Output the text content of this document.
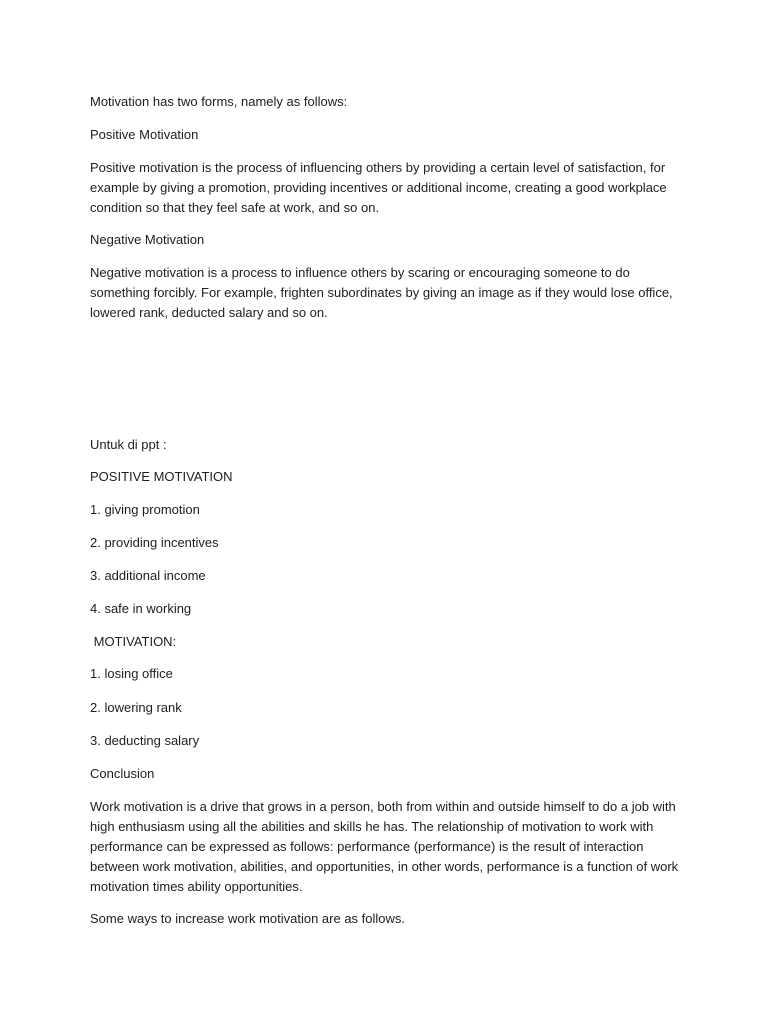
Motivation has two forms, namely as follows:

Positive Motivation

Positive motivation is the process of influencing others by providing a certain level of satisfaction, for
example by giving a promotion, providing incentives or additional income, creating a good workplace
condition so that they feel safe at work, and so on.

Negative Motivation

Negative motivation is a process to influence others by scaring or encouraging someone to do
something forcibly. For example, frighten subordinates by giving an image as if they would lose office,
lowered rank, deducted salary and so on.

Untuk di ppt :

POSITIVE MOTIVATION

1. giving promotion

2. providing incentives

3. additional income

4. safe in working

MOTIVATION:

1. losing office

2. lowering rank

3. deducting salary

Conclusion

Work motivation is a drive that grows in a person, both from within and outside himself to do a job with
high enthusiasm using all the abilities and skills he has. The relationship of motivation to work with
performance can be expressed as follows: performance (performance) is the result of interaction
between work motivation, abilities, and opportunities, in other words, performance is a function of work
motivation times ability opportunities.

Some ways to increase work motivation are as follows.
